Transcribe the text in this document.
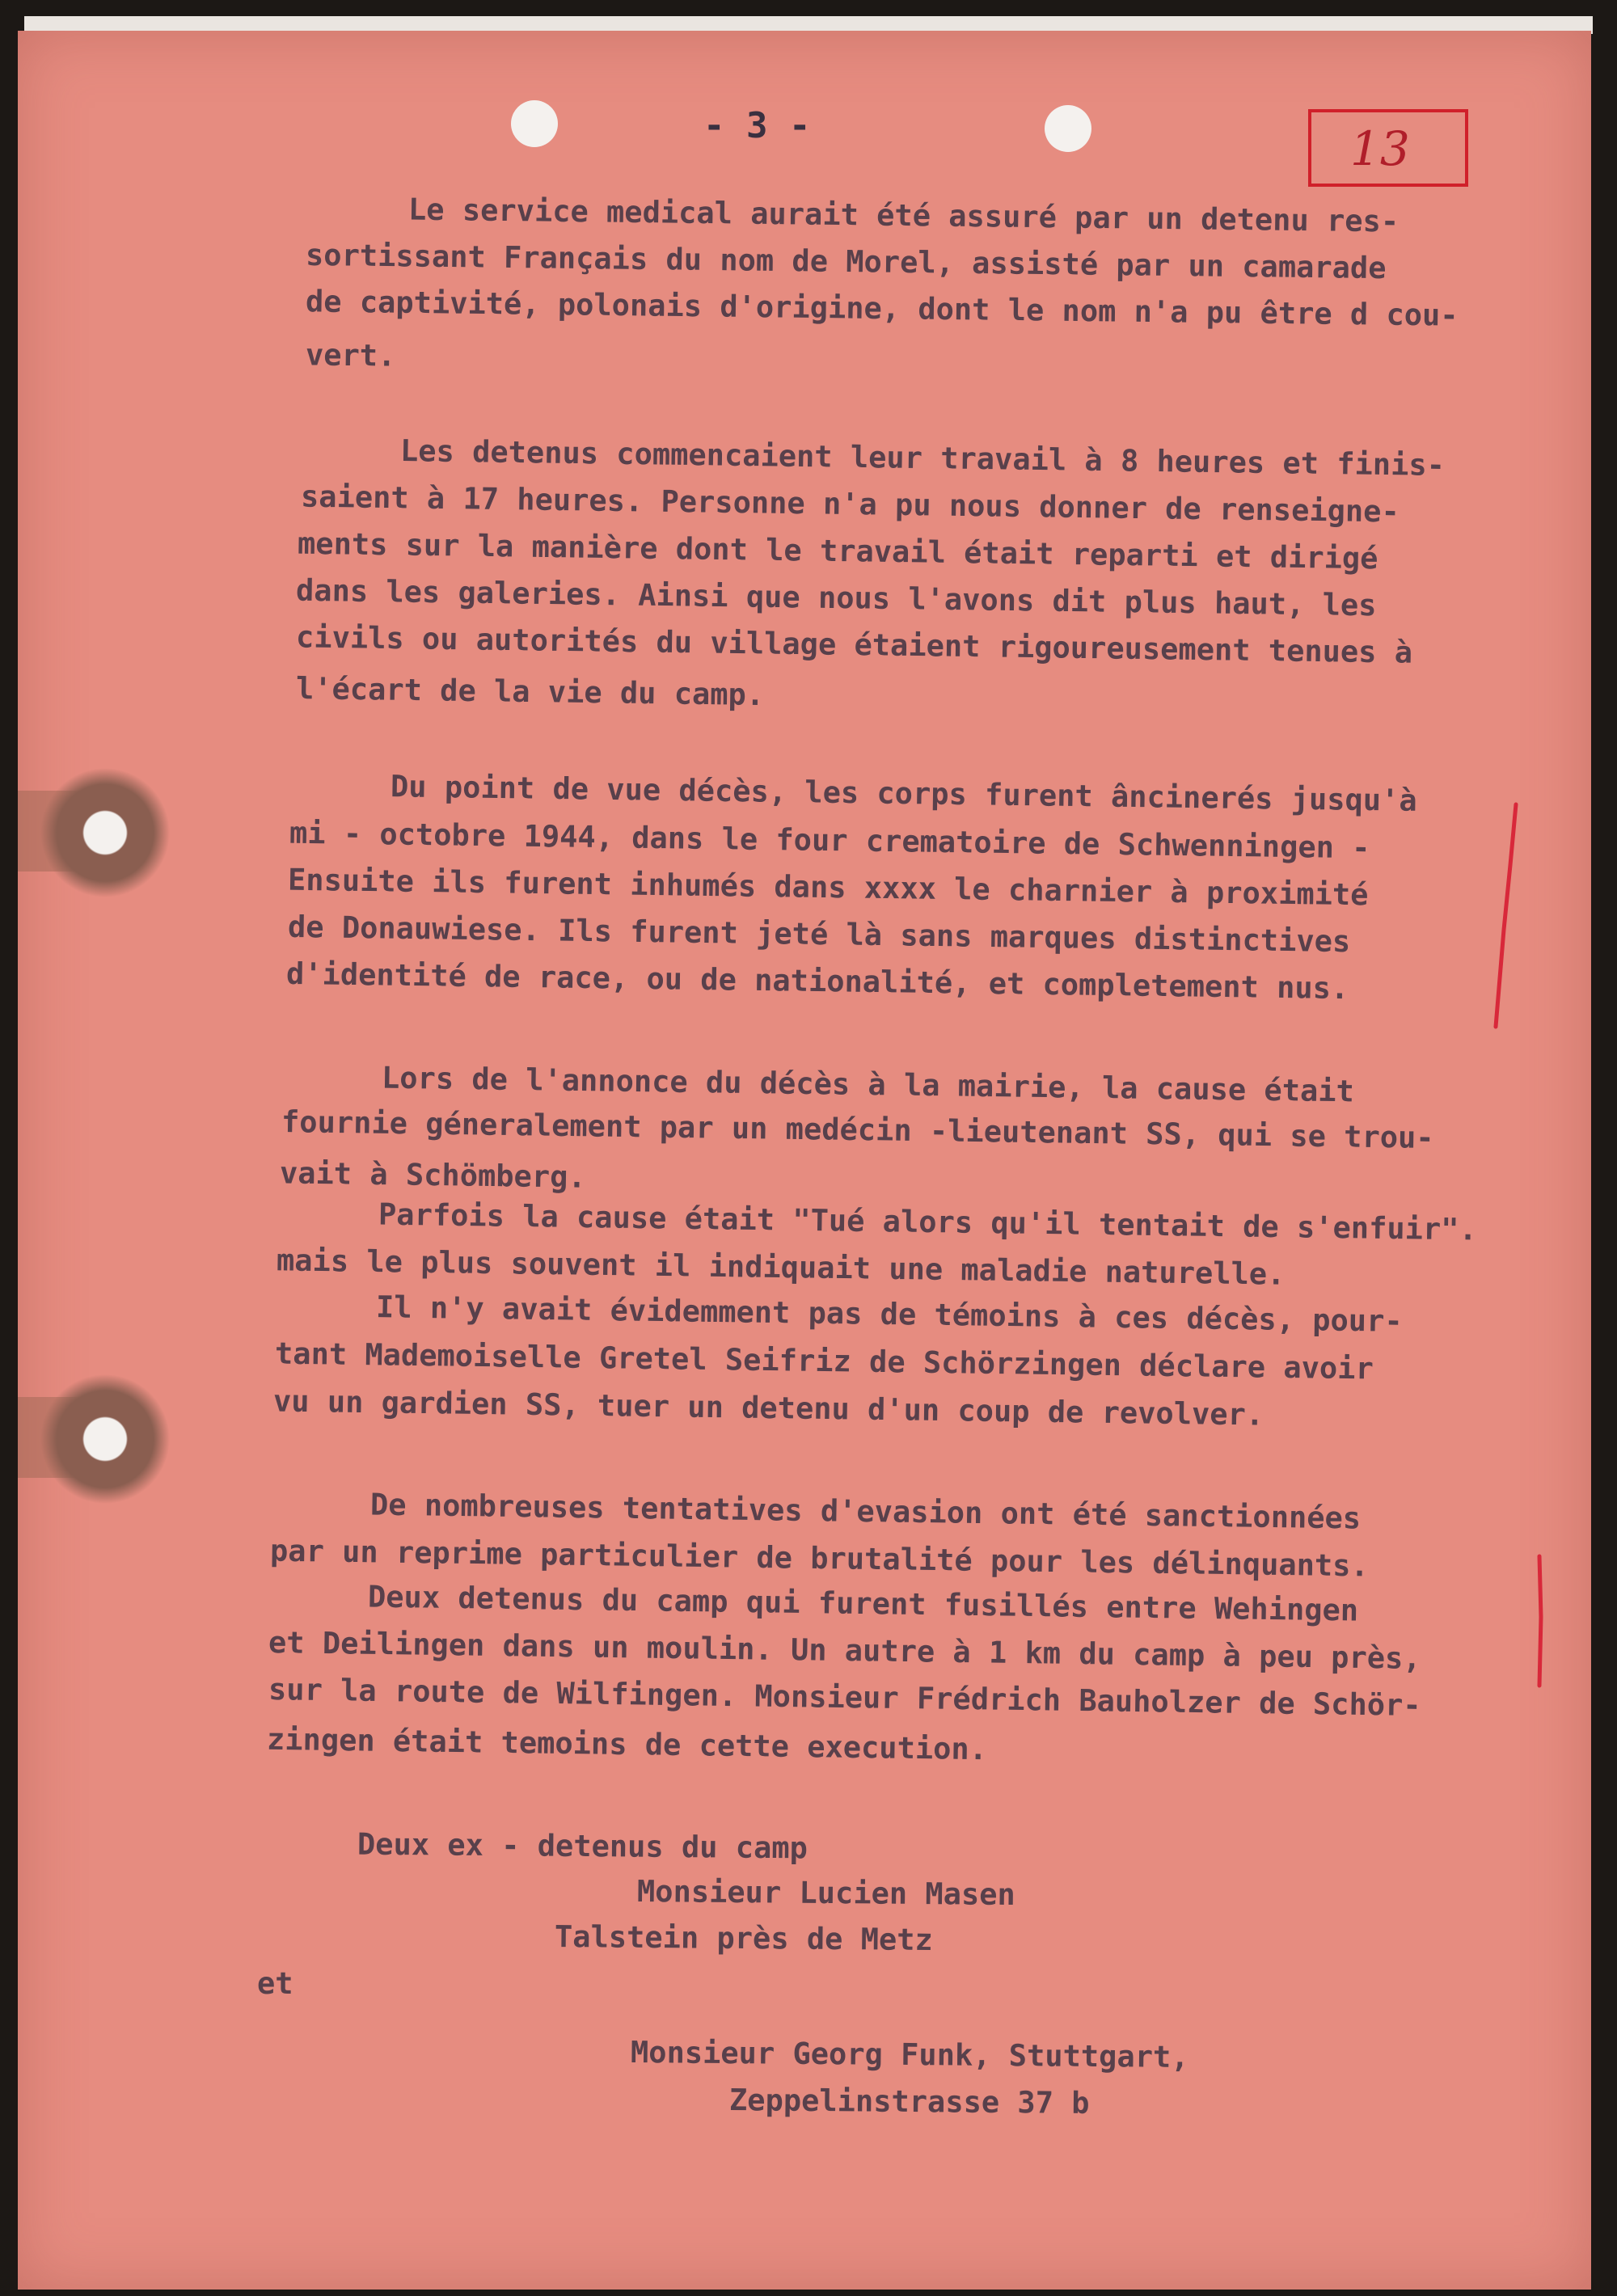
- 3 -	13
Le service medical aurait été assuré par un detenu res-
sortissant Français du nom de Morel, assisté par un camarade
de captivité, polonais d'origine, dont le nom n'a pu être d cou-
vert.
Les detenus commencaient leur travail à 8 heures et finis-
saient à 17 heures. Personne n'a pu nous donner de renseigne-
ments sur la manière dont le travail était reparti et dirigé
dans les galeries. Ainsi que nous l'avons dit plus haut, les
civils ou autorités du village étaient rigoureusement tenues à
l'écart de la vie du camp.
Du point de vue décès, les corps furent âncinerés jusqu'à
mi - octobre 1944, dans le four crematoire de Schwenningen -
Ensuite ils furent inhumés dans xxxx le charnier à proximité
de Donauwiese. Ils furent jeté là sans marques distinctives
d'identité de race, ou de nationalité, et completement nus.
Lors de l'annonce du décès à la mairie, la cause était
fournie géneralement par un medécin -lieutenant SS, qui se trou-
vait à Schömberg.
Parfois la cause était "Tué alors qu'il tentait de s'enfuir".
mais le plus souvent il indiquait une maladie naturelle.
Il n'y avait évidemment pas de témoins à ces décès, pour-
tant Mademoiselle Gretel Seifriz de Schörzingen déclare avoir
vu un gardien SS, tuer un detenu d'un coup de revolver.
De nombreuses tentatives d'evasion ont été sanctionnées
par un reprime particulier de brutalité pour les délinquants.
Deux detenus du camp qui furent fusillés entre Wehingen
et Deilingen dans un moulin. Un autre à 1 km du camp à peu près,
sur la route de Wilfingen. Monsieur Frédrich Bauholzer de Schör-
zingen était temoins de cette execution.
Deux ex - detenus du camp
Monsieur Lucien Masen
Talstein près de Metz
et
Monsieur Georg Funk, Stuttgart,
Zeppelinstrasse 37 b
